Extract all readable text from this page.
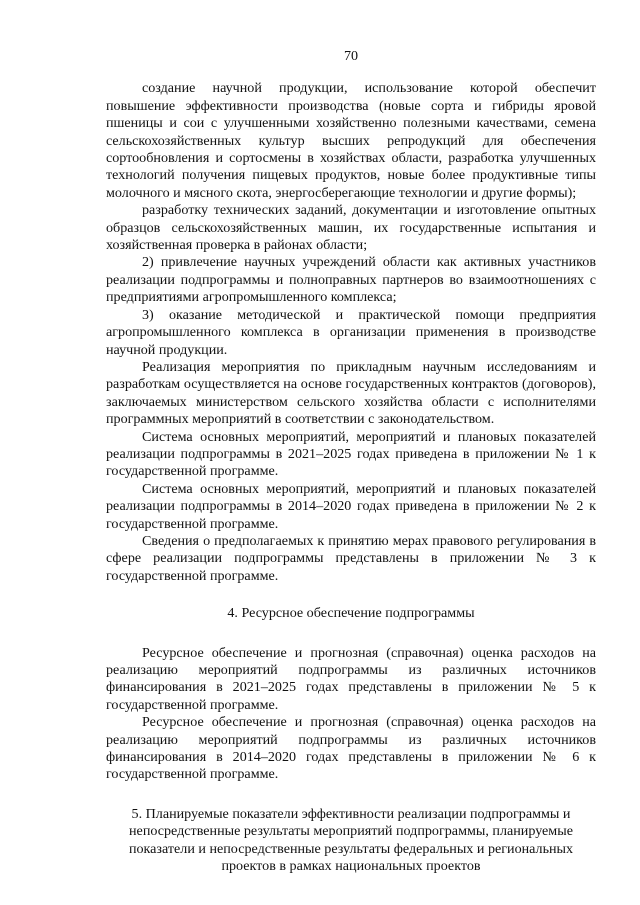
70

создание научной продукции, использование которой обеспечит повышение эффективности производства (новые сорта и гибриды яровой пшеницы и сои с улучшенными хозяйственно полезными качествами, семена сельскохозяйственных культур высших репродукций для обеспечения сортообновления и сортосмены в хозяйствах области, разработка улучшенных технологий получения пищевых продуктов, новые более продуктивные типы молочного и мясного скота, энергосберегающие технологии и другие формы);

разработку технических заданий, документации и изготовление опытных образцов сельскохозяйственных машин, их государственные испытания и хозяйственная проверка в районах области;

2) привлечение научных учреждений области как активных участников реализации подпрограммы и полноправных партнеров во взаимоотношениях с предприятиями агропромышленного комплекса;

3) оказание методической и практической помощи предприятия агропромышленного комплекса в организации применения в производстве научной продукции.

Реализация мероприятия по прикладным научным исследованиям и разработкам осуществляется на основе государственных контрактов (договоров), заключаемых министерством сельского хозяйства области с исполнителями программных мероприятий в соответствии с законодательством.

Система основных мероприятий, мероприятий и плановых показателей реализации подпрограммы в 2021–2025 годах приведена в приложении № 1 к государственной программе.

Система основных мероприятий, мероприятий и плановых показателей реализации подпрограммы в 2014–2020 годах приведена в приложении № 2 к государственной программе.

Сведения о предполагаемых к принятию мерах правового регулирования в сфере реализации подпрограммы представлены в приложении № 3 к государственной программе.

4. Ресурсное обеспечение подпрограммы

Ресурсное обеспечение и прогнозная (справочная) оценка расходов на реализацию мероприятий подпрограммы из различных источников финансирования в 2021–2025 годах представлены в приложении № 5 к государственной программе.

Ресурсное обеспечение и прогнозная (справочная) оценка расходов на реализацию мероприятий подпрограммы из различных источников финансирования в 2014–2020 годах представлены в приложении № 6 к государственной программе.

5. Планируемые показатели эффективности реализации подпрограммы и
непосредственные результаты мероприятий подпрограммы, планируемые
показатели и непосредственные результаты федеральных и региональных
проектов в рамках национальных проектов
